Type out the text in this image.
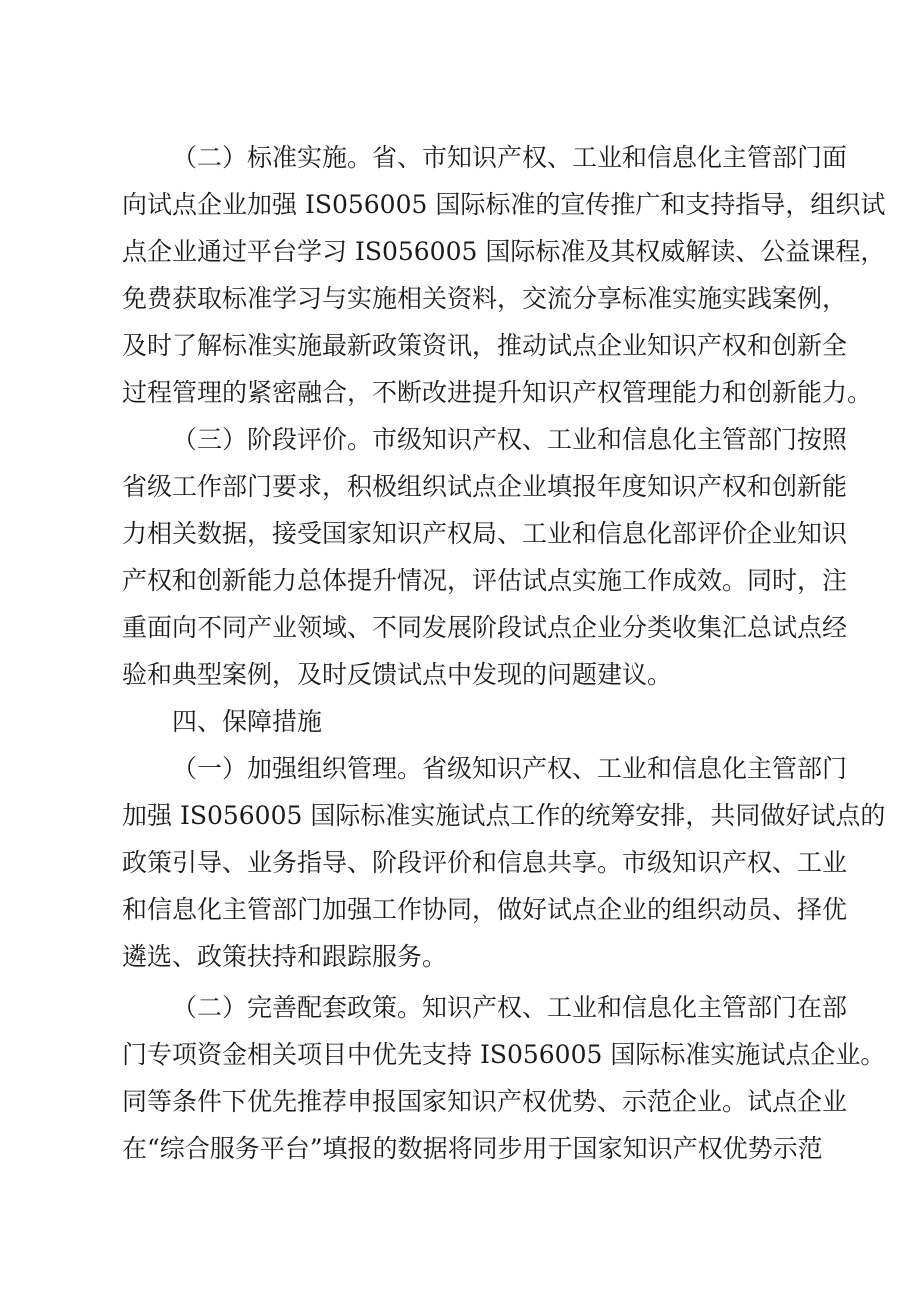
（二）标准实施。省、市知识产权、工业和信息化主管部门面
向试点企业加强 IS056005 国际标准的宣传推广和支持指导，组织试
点企业通过平台学习 IS056005 国际标准及其权威解读、公益课程，
免费获取标准学习与实施相关资料，交流分享标准实施实践案例，
及时了解标准实施最新政策资讯，推动试点企业知识产权和创新全
过程管理的紧密融合，不断改进提升知识产权管理能力和创新能力。
（三）阶段评价。市级知识产权、工业和信息化主管部门按照
省级工作部门要求，积极组织试点企业填报年度知识产权和创新能
力相关数据，接受国家知识产权局、工业和信息化部评价企业知识
产权和创新能力总体提升情况，评估试点实施工作成效。同时，注
重面向不同产业领域、不同发展阶段试点企业分类收集汇总试点经
验和典型案例，及时反馈试点中发现的问题建议。
四、保障措施
（一）加强组织管理。省级知识产权、工业和信息化主管部门
加强 IS056005 国际标准实施试点工作的统筹安排，共同做好试点的
政策引导、业务指导、阶段评价和信息共享。市级知识产权、工业
和信息化主管部门加强工作协同，做好试点企业的组织动员、择优
遴选、政策扶持和跟踪服务。
（二）完善配套政策。知识产权、工业和信息化主管部门在部
门专项资金相关项目中优先支持 IS056005 国际标准实施试点企业。
同等条件下优先推荐申报国家知识产权优势、示范企业。试点企业
在“综合服务平台”填报的数据将同步用于国家知识产权优势示范
